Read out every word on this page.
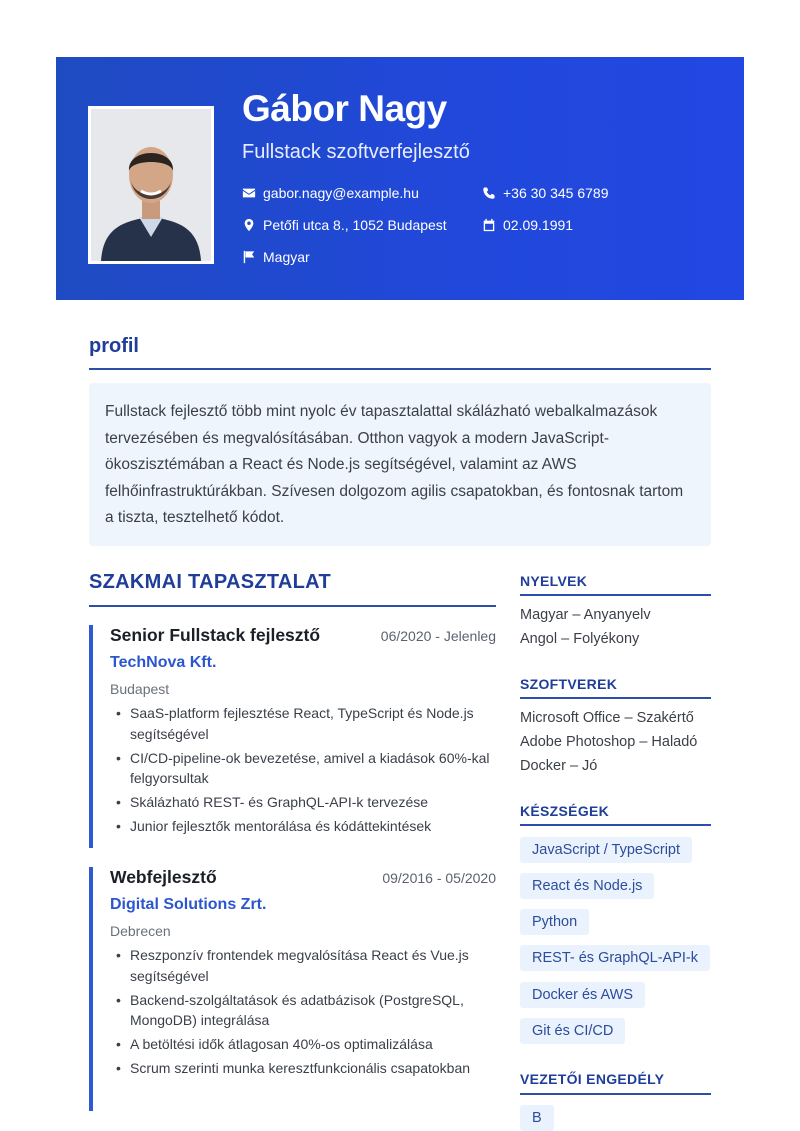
Gábor Nagy
Fullstack szoftverfejlesztő
gabor.nagy@example.hu	+36 30 345 6789
Petőfi utca 8., 1052 Budapest	02.09.1991
Magyar
profil
Fullstack fejlesztő több mint nyolc év tapasztalattal skálázható webalkalmazások tervezésében és megvalósításában. Otthon vagyok a modern JavaScript-ökoszisztémában a React és Node.js segítségével, valamint az AWS felhőinfrastruktúrákban. Szívesen dolgozom agilis csapatokban, és fontosnak tartom a tiszta, tesztelhető kódot.
SZAKMAI TAPASZTALAT
Senior Fullstack fejlesztő	06/2020 - Jelenleg
TechNova Kft.
Budapest
• SaaS-platform fejlesztése React, TypeScript és Node.js segítségével
• CI/CD-pipeline-ok bevezetése, amivel a kiadások 60%-kal felgyorsultak
• Skálázható REST- és GraphQL-API-k tervezése
• Junior fejlesztők mentorálása és kódáttekintések
Webfejlesztő	09/2016 - 05/2020
Digital Solutions Zrt.
Debrecen
• Reszponzív frontendek megvalósítása React és Vue.js segítségével
• Backend-szolgáltatások és adatbázisok (PostgreSQL, MongoDB) integrálása
• A betöltési idők átlagosan 40%-os optimalizálása
• Scrum szerinti munka keresztfunkcionális csapatokban
NYELVEK
Magyar – Anyanyelv
Angol – Folyékony
SZOFTVEREK
Microsoft Office – Szakértő
Adobe Photoshop – Haladó
Docker – Jó
KÉSZSÉGEK
JavaScript / TypeScript
React és Node.js
Python
REST- és GraphQL-API-k
Docker és AWS
Git és CI/CD
VEZETŐI ENGEDÉLY
B
